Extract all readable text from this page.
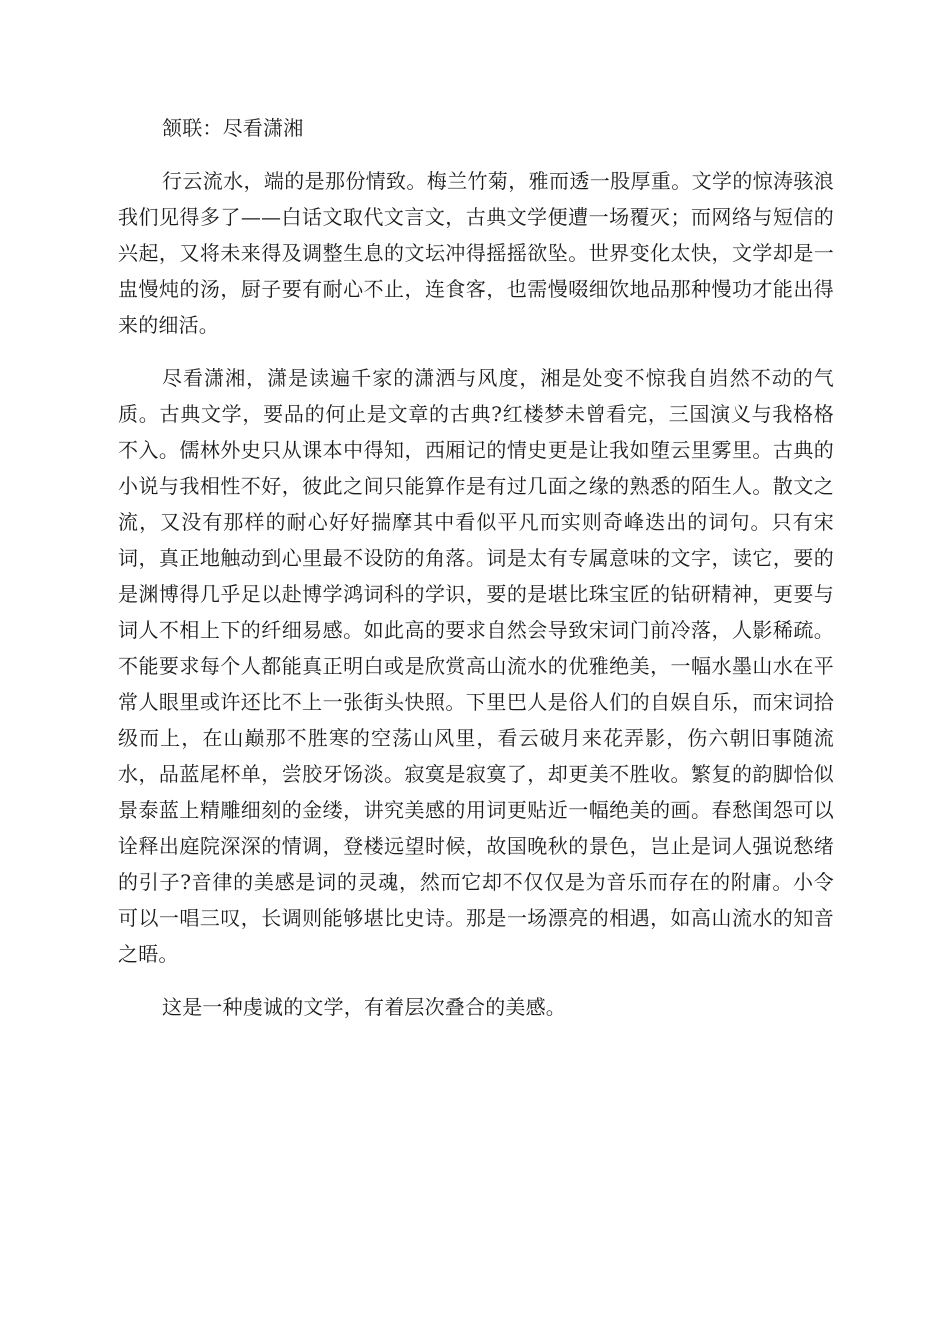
颔联：尽看潇湘

行云流水，端的是那份情致。梅兰竹菊，雅而透一股厚重。文学的惊涛骇浪我们见得多了——白话文取代文言文，古典文学便遭一场覆灭；而网络与短信的兴起，又将未来得及调整生息的文坛冲得摇摇欲坠。世界变化太快，文学却是一盅慢炖的汤，厨子要有耐心不止，连食客，也需慢啜细饮地品那种慢功才能出得来的细活。

尽看潇湘，潇是读遍千家的潇洒与风度，湘是处变不惊我自岿然不动的气质。古典文学，要品的何止是文章的古典?红楼梦未曾看完，三国演义与我格格不入。儒林外史只从课本中得知，西厢记的情史更是让我如堕云里雾里。古典的小说与我相性不好，彼此之间只能算作是有过几面之缘的熟悉的陌生人。散文之流，又没有那样的耐心好好揣摩其中看似平凡而实则奇峰迭出的词句。只有宋词，真正地触动到心里最不设防的角落。词是太有专属意味的文字，读它，要的是渊博得几乎足以赴博学鸿词科的学识，要的是堪比珠宝匠的钻研精神，更要与词人不相上下的纤细易感。如此高的要求自然会导致宋词门前冷落，人影稀疏。不能要求每个人都能真正明白或是欣赏高山流水的优雅绝美，一幅水墨山水在平常人眼里或许还比不上一张街头快照。下里巴人是俗人们的自娱自乐，而宋词拾级而上，在山巅那不胜寒的空荡山风里，看云破月来花弄影，伤六朝旧事随流水，品蓝尾杯单，尝胶牙饧淡。寂寞是寂寞了，却更美不胜收。繁复的韵脚恰似景泰蓝上精雕细刻的金缕，讲究美感的用词更贴近一幅绝美的画。春愁闺怨可以诠释出庭院深深的情调，登楼远望时候，故国晚秋的景色，岂止是词人强说愁绪的引子?音律的美感是词的灵魂，然而它却不仅仅是为音乐而存在的附庸。小令可以一唱三叹，长调则能够堪比史诗。那是一场漂亮的相遇，如高山流水的知音之晤。

这是一种虔诚的文学，有着层次叠合的美感。
